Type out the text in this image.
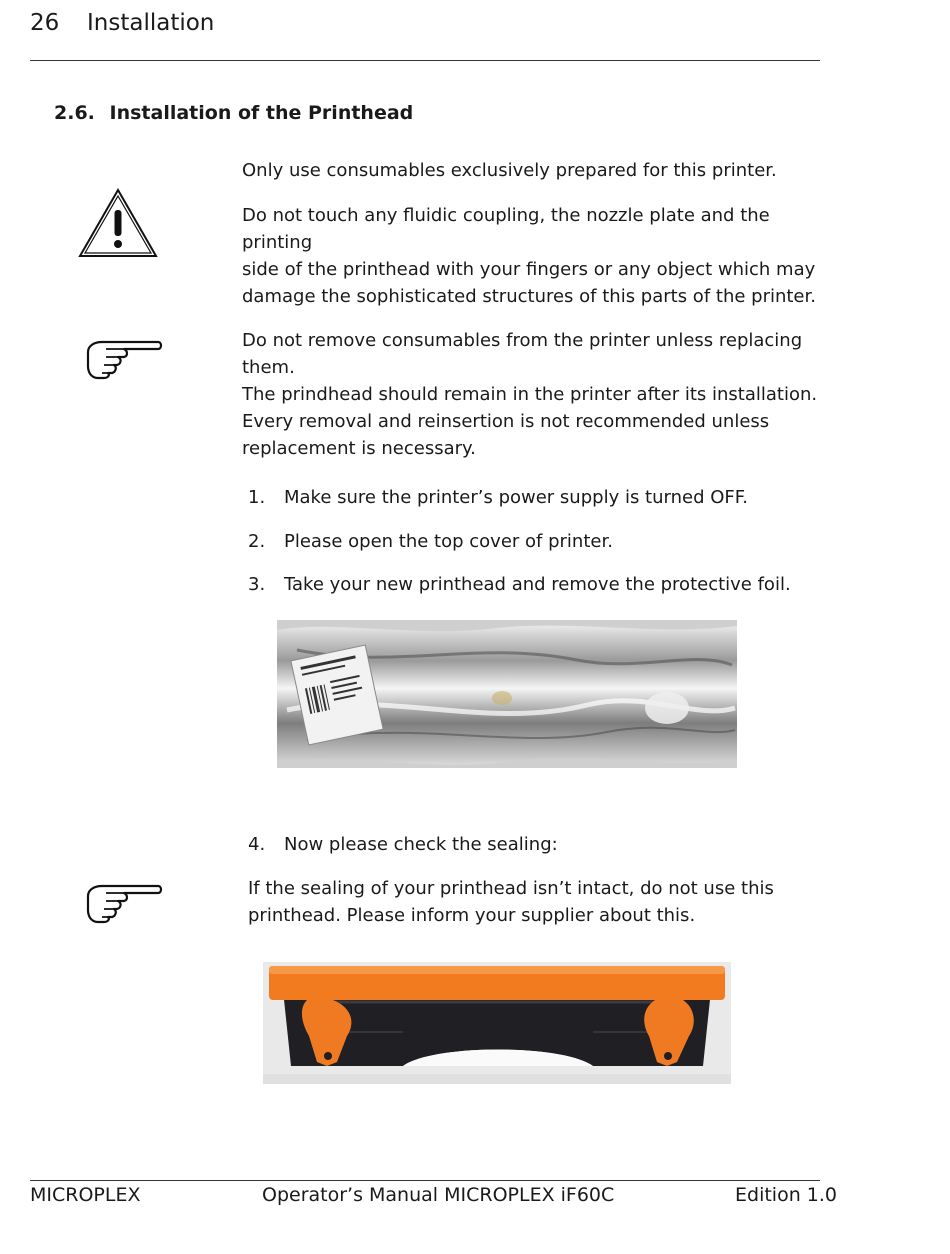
26 Installation
2.6. Installation of the Printhead
Only use consumables exclusively prepared for this printer.
Do not touch any fluidic coupling, the nozzle plate and the printing
side of the printhead with your fingers or any object which may
damage the sophisticated structures of this parts of the printer.
Do not remove consumables from the printer unless replacing them.
The prindhead should remain in the printer after its installation.
Every removal and reinsertion is not recommended unless
replacement is necessary.
1. Make sure the printer’s power supply is turned OFF.
2. Please open the top cover of printer.
3. Take your new printhead and remove the protective foil.
4. Now please check the sealing:
If the sealing of your printhead isn’t intact, do not use this
printhead. Please inform your supplier about this.
MICROPLEX	Operator’s Manual MICROPLEX iF60C	Edition 1.0
